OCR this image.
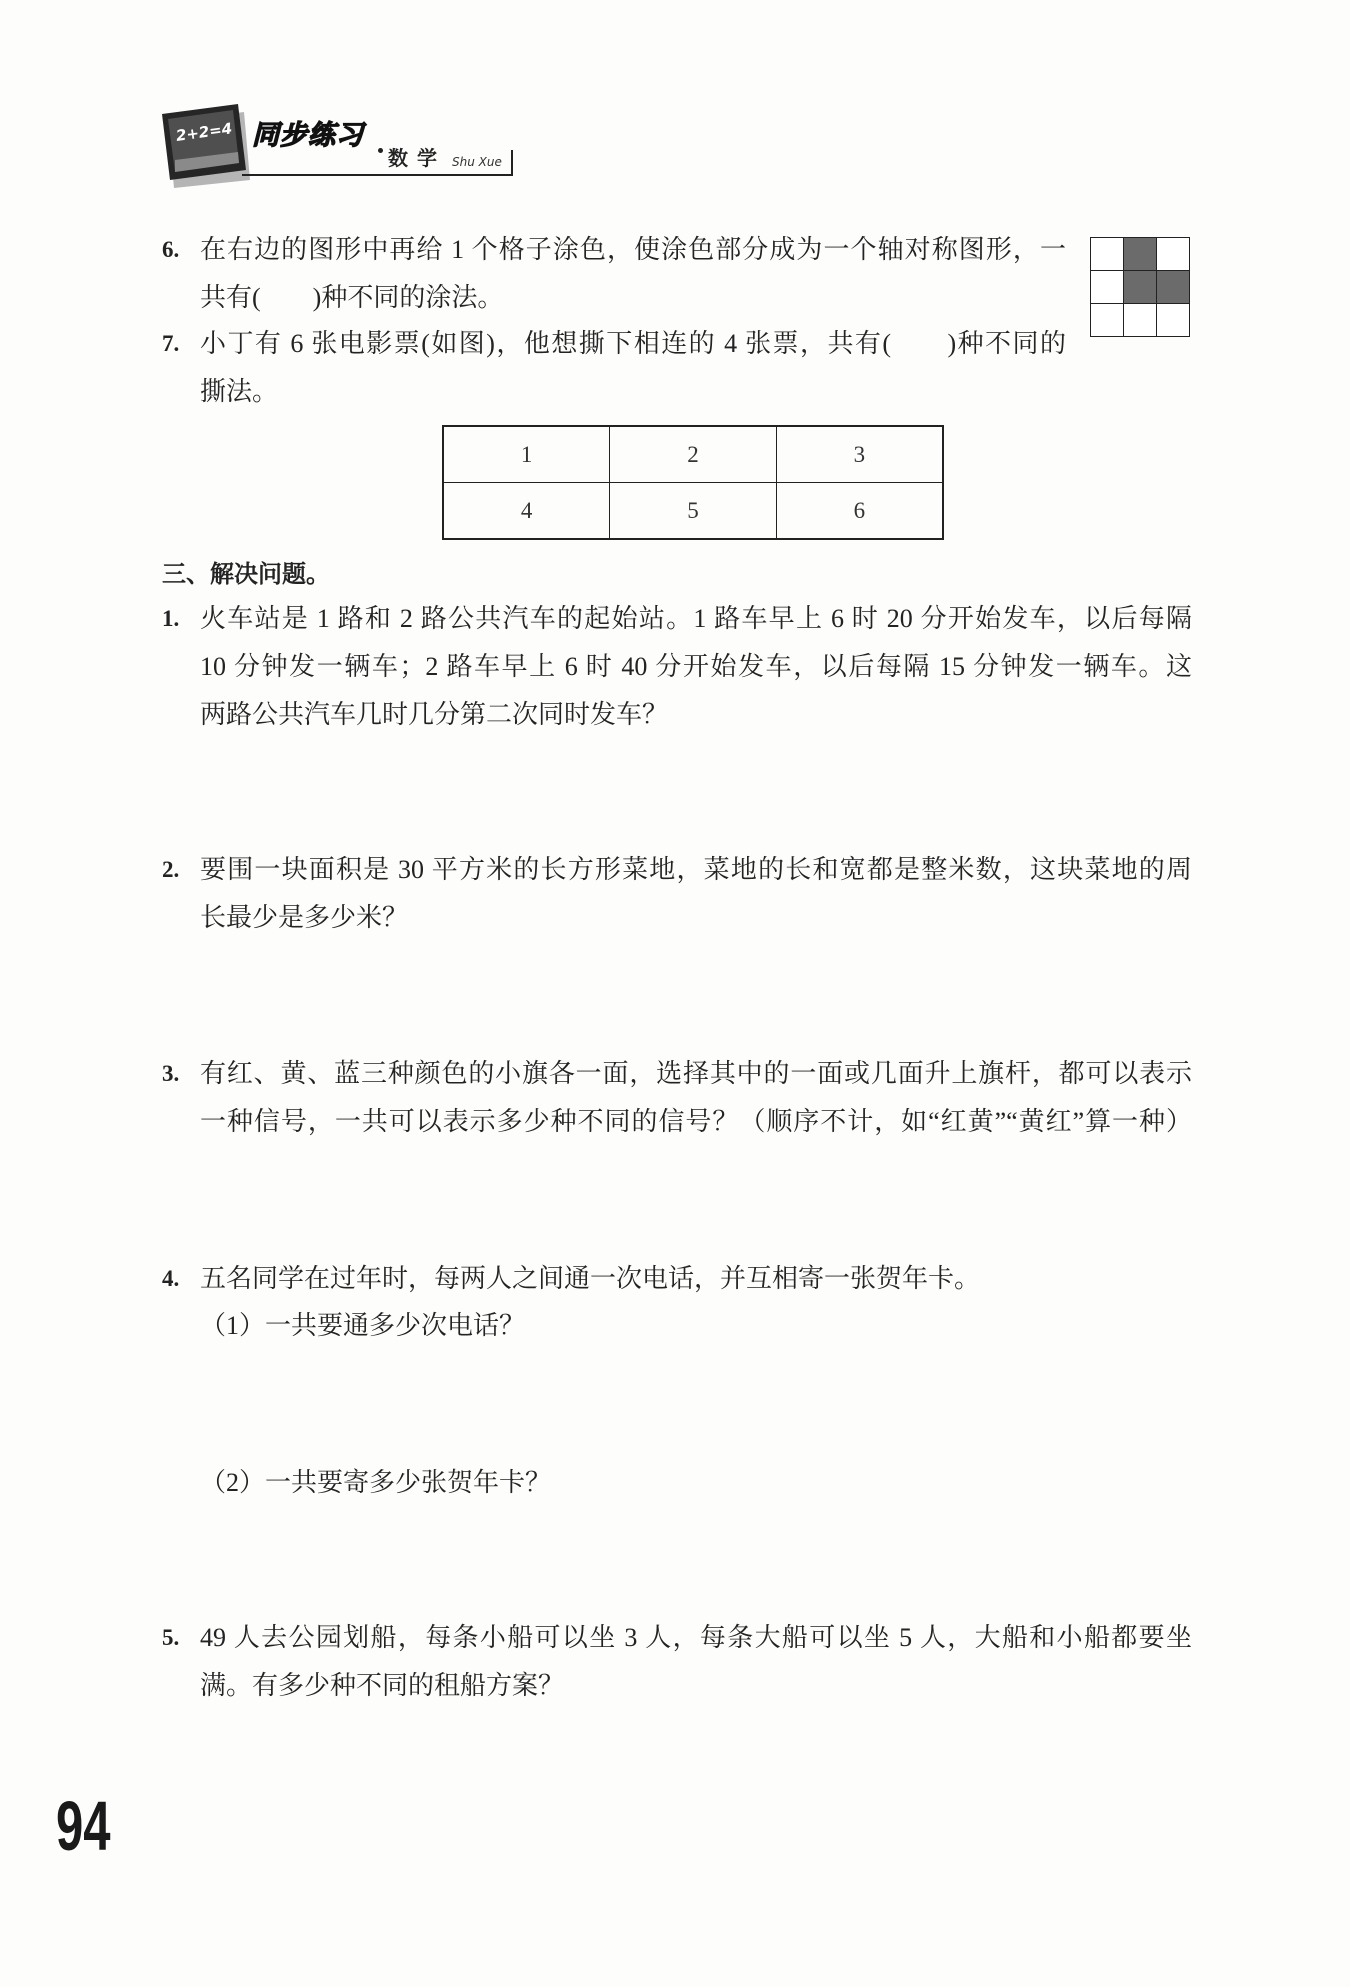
2+2=4 同步练习
数学 Shu Xue
6. 在右边的图形中再给 1 个格子涂色，使涂色部分成为一个轴对称图形，一
共有(　　)种不同的涂法。
7. 小丁有 6 张电影票(如图)，他想撕下相连的 4 张票，共有(　　)种不同的
撕法。
1	2	3
4	5	6
三、解决问题。
1. 火车站是 1 路和 2 路公共汽车的起始站。1 路车早上 6 时 20 分开始发车，以后每隔
10 分钟发一辆车；2 路车早上 6 时 40 分开始发车，以后每隔 15 分钟发一辆车。这
两路公共汽车几时几分第二次同时发车？
2. 要围一块面积是 30 平方米的长方形菜地，菜地的长和宽都是整米数，这块菜地的周
长最少是多少米？
3. 有红、黄、蓝三种颜色的小旗各一面，选择其中的一面或几面升上旗杆，都可以表示
一种信号，一共可以表示多少种不同的信号？（顺序不计，如“红黄”“黄红”算一种）
4. 五名同学在过年时，每两人之间通一次电话，并互相寄一张贺年卡。
（1）一共要通多少次电话？
（2）一共要寄多少张贺年卡？
5. 49 人去公园划船，每条小船可以坐 3 人，每条大船可以坐 5 人，大船和小船都要坐
满。有多少种不同的租船方案？
94
